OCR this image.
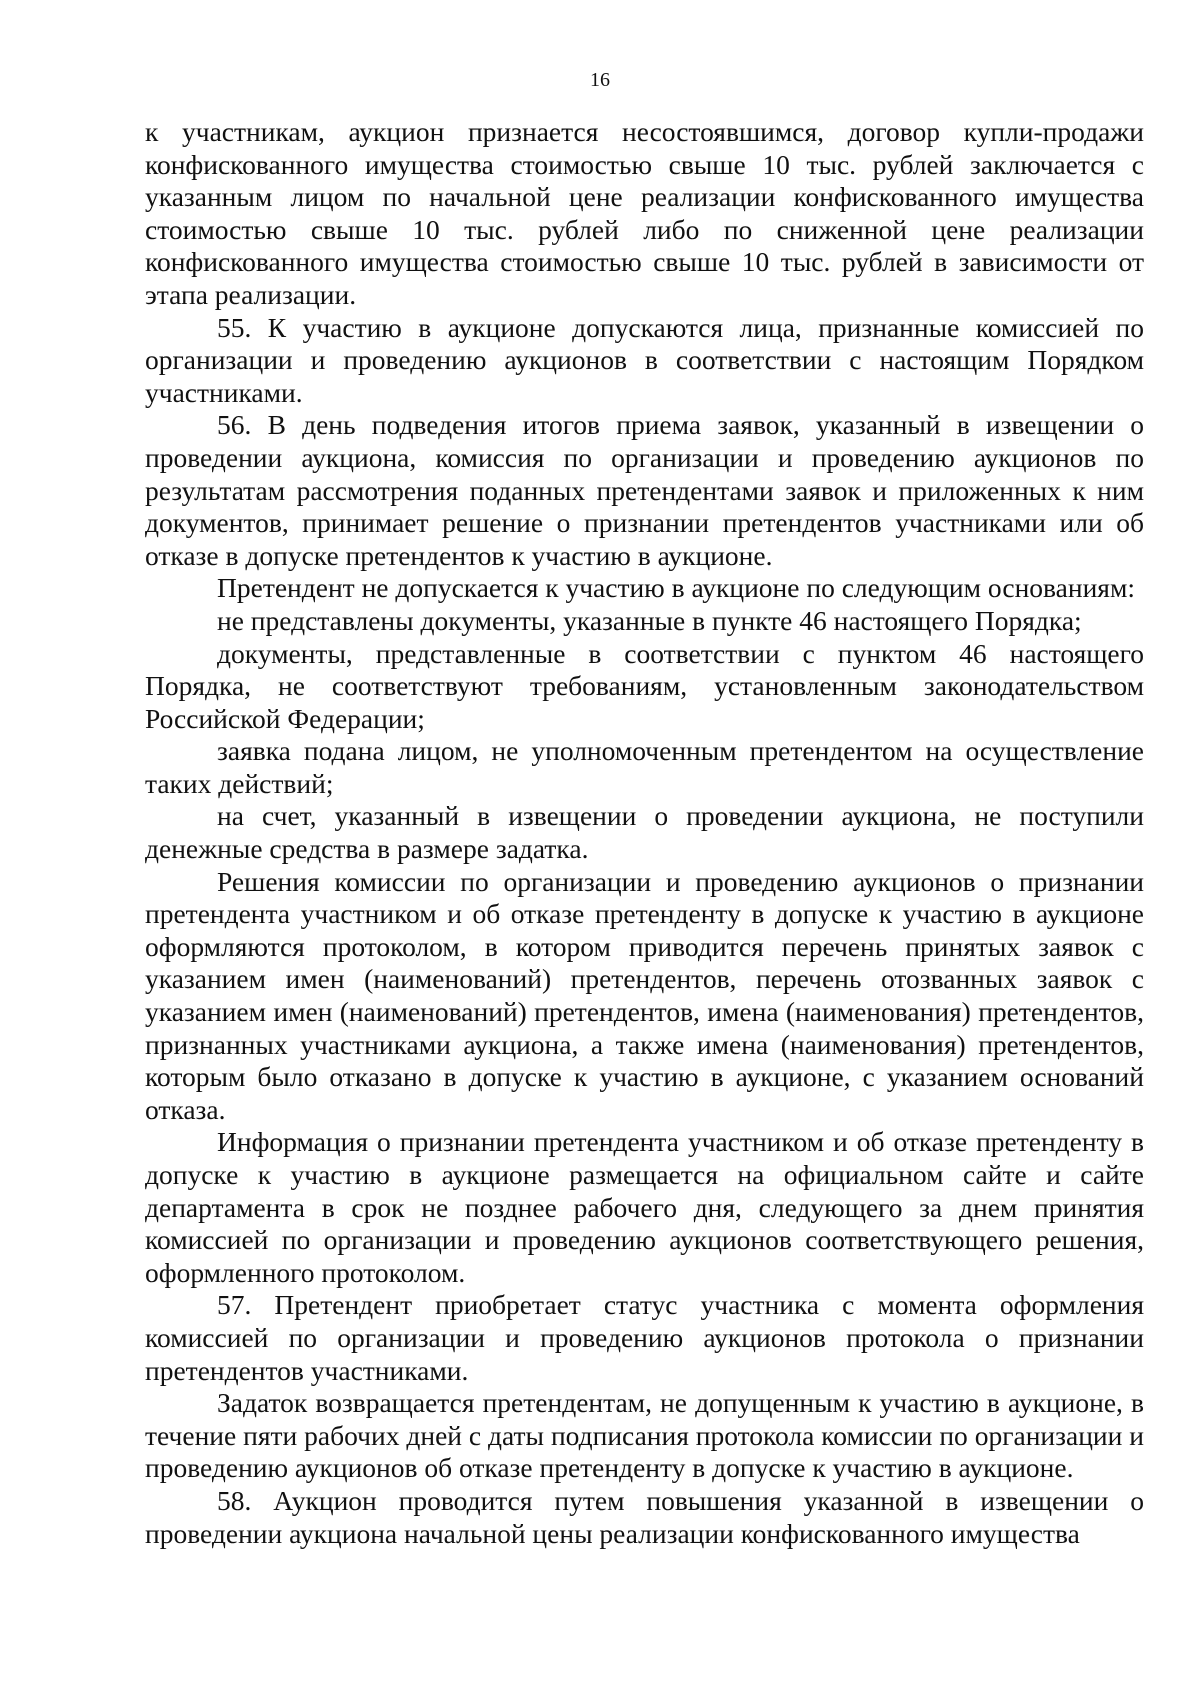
16

к участникам, аукцион признается несостоявшимся, договор купли-продажи конфискованного имущества стоимостью свыше 10 тыс. рублей заключается с указанным лицом по начальной цене реализации конфискованного имущества стоимостью свыше 10 тыс. рублей либо по сниженной цене реализации конфискованного имущества стоимостью свыше 10 тыс. рублей в зависимости от этапа реализации.

55. К участию в аукционе допускаются лица, признанные комиссией по организации и проведению аукционов в соответствии с настоящим Порядком участниками.

56. В день подведения итогов приема заявок, указанный в извещении о проведении аукциона, комиссия по организации и проведению аукционов по результатам рассмотрения поданных претендентами заявок и приложенных к ним документов, принимает решение о признании претендентов участниками или об отказе в допуске претендентов к участию в аукционе.

Претендент не допускается к участию в аукционе по следующим основаниям:

не представлены документы, указанные в пункте 46 настоящего Порядка;

документы, представленные в соответствии с пунктом 46 настоящего Порядка, не соответствуют требованиям, установленным законодательством Российской Федерации;

заявка подана лицом, не уполномоченным претендентом на осуществление таких действий;

на счет, указанный в извещении о проведении аукциона, не поступили денежные средства в размере задатка.

Решения комиссии по организации и проведению аукционов о признании претендента участником и об отказе претенденту в допуске к участию в аукционе оформляются протоколом, в котором приводится перечень принятых заявок с указанием имен (наименований) претендентов, перечень отозванных заявок с указанием имен (наименований) претендентов, имена (наименования) претендентов, признанных участниками аукциона, а также имена (наименования) претендентов, которым было отказано в допуске к участию в аукционе, с указанием оснований отказа.

Информация о признании претендента участником и об отказе претенденту в допуске к участию в аукционе размещается на официальном сайте и сайте департамента в срок не позднее рабочего дня, следующего за днем принятия комиссией по организации и проведению аукционов соответствующего решения, оформленного протоколом.

57. Претендент приобретает статус участника с момента оформления комиссией по организации и проведению аукционов протокола о признании претендентов участниками.

Задаток возвращается претендентам, не допущенным к участию в аукционе, в течение пяти рабочих дней с даты подписания протокола комиссии по организации и проведению аукционов об отказе претенденту в допуске к участию в аукционе.

58. Аукцион проводится путем повышения указанной в извещении о проведении аукциона начальной цены реализации конфискованного имущества
